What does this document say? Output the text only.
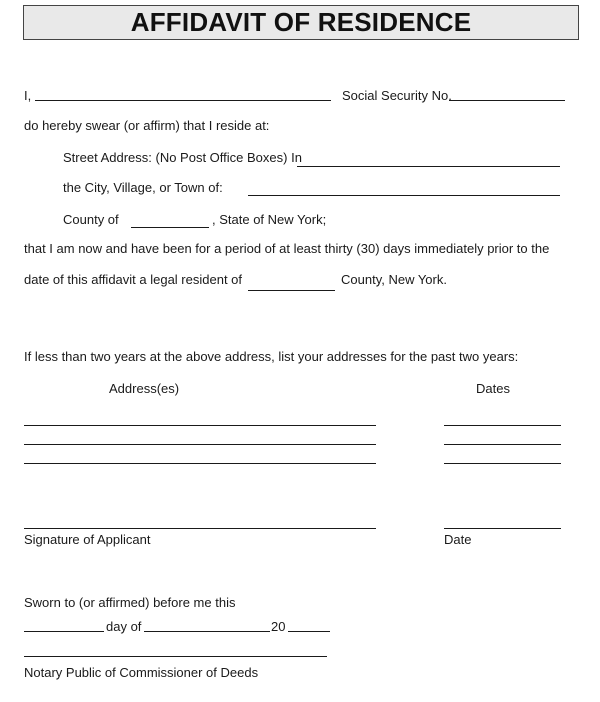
AFFIDAVIT OF RESIDENCE
I,	Social Security No.
do hereby swear (or affirm) that I reside at:
Street Address: (No Post Office Boxes) In
the City, Village, or Town of:
County of	, State of New York;
that I am now and have been for a period of at least thirty (30) days immediately prior to the
date of this affidavit a legal resident of	County, New York.
If less than two years at the above address, list your addresses for the past two years:
Address(es)	Dates
Signature of Applicant	Date
Sworn to (or affirmed) before me this
day of	20
Notary Public of Commissioner of Deeds
